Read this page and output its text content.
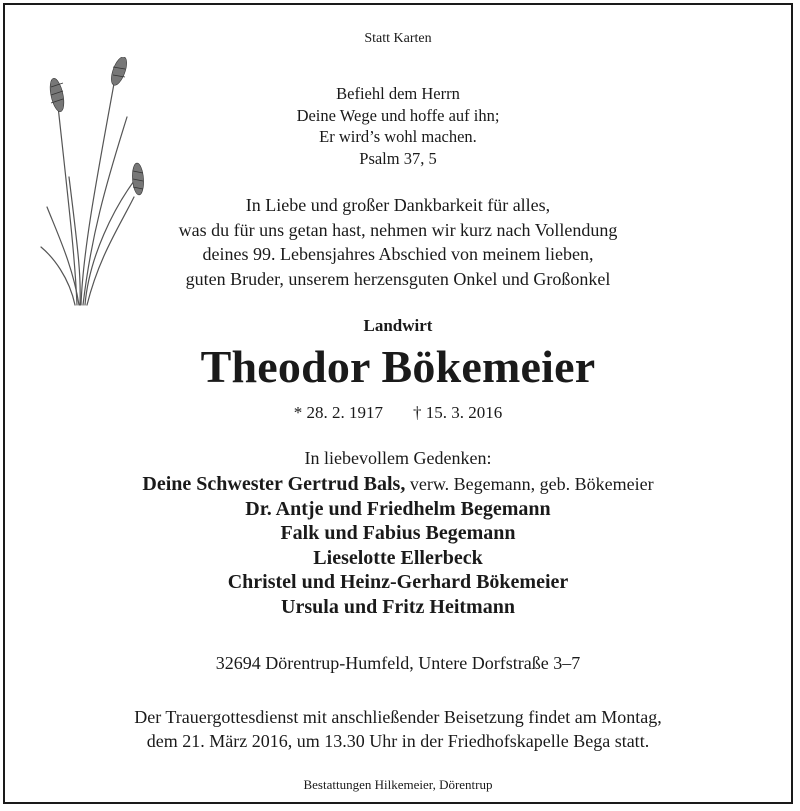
Statt Karten
Befiehl dem Herrn
Deine Wege und hoffe auf ihn;
Er wird’s wohl machen.
Psalm 37, 5
In Liebe und großer Dankbarkeit für alles,
was du für uns getan hast, nehmen wir kurz nach Vollendung
deines 99. Lebensjahres Abschied von meinem lieben,
guten Bruder, unserem herzensguten Onkel und Großonkel
Landwirt
Theodor Bökemeier
* 28. 2. 1917 † 15. 3. 2016
In liebevollem Gedenken:
Deine Schwester Gertrud Bals, verw. Begemann, geb. Bökemeier
Dr. Antje und Friedhelm Begemann
Falk und Fabius Begemann
Lieselotte Ellerbeck
Christel und Heinz-Gerhard Bökemeier
Ursula und Fritz Heitmann
32694 Dörentrup-Humfeld, Untere Dorfstraße 3–7
Der Trauergottesdienst mit anschließender Beisetzung findet am Montag,
dem 21. März 2016, um 13.30 Uhr in der Friedhofskapelle Bega statt.
Bestattungen Hilkemeier, Dörentrup
